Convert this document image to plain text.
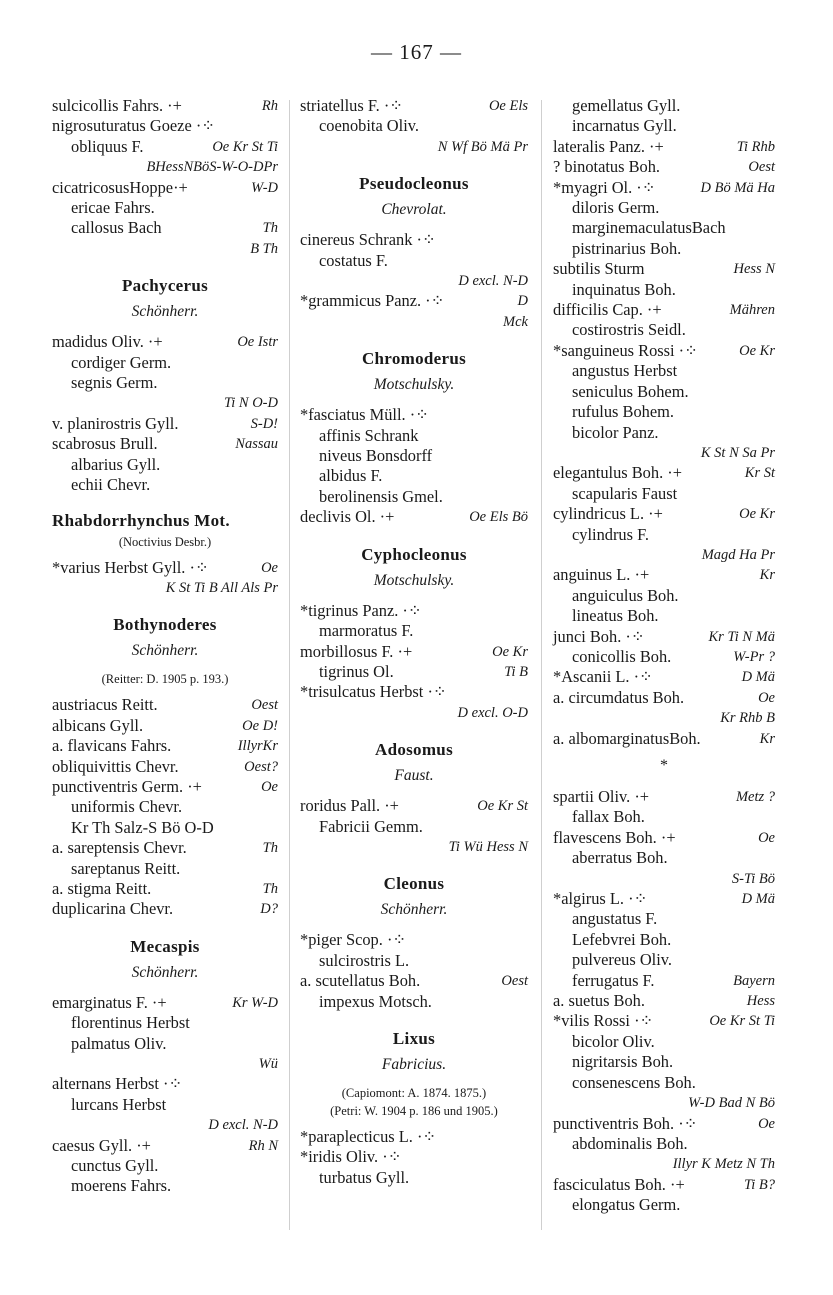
— 167 —
sulcicollis Fahrs. ·+	Rh
nigrosuturatus Goeze ·⁘
obliquus F.	Oe Kr St Ti
BHessNBöS-W-O-DPr
cicatricosusHoppe·+	W-D
ericae Fahrs.
callosus Bach	Th
B Th
Pachycerus
Schönherr.
madidus Oliv. ·+	Oe Istr
cordiger Germ.
segnis Germ.
Ti N O-D
v. planirostris Gyll.	S-D!
scabrosus Brull.	Nassau
albarius Gyll.
echii Chevr.
Rhabdorrhynchus Mot.
(Noctivius Desbr.)
*varius Herbst Gyll. ·⁘	Oe
K St Ti B All Als Pr
Bothynoderes
Schönherr.
(Reitter: D. 1905 p. 193.)
austriacus Reitt.	Oest
albicans Gyll.	Oe D!
a. flavicans Fahrs.	IllyrKr
obliquivittis Chevr.	Oest?
punctiventris Germ. ·+	Oe
uniformis Chevr.
Kr Th Salz-S Bö O-D
a. sareptensis Chevr.	Th
sareptanus Reitt.
a. stigma Reitt.	Th
duplicarina Chevr.	D?
Mecaspis
Schönherr.
emarginatus F. ·+	Kr W-D
florentinus Herbst
palmatus Oliv.
Wü
alternans Herbst ·⁘
lurcans Herbst
D excl. N-D
caesus Gyll. ·+	Rh N
cunctus Gyll.
moerens Fahrs.
striatellus F. ·⁘	Oe Els
coenobita Oliv.
N Wf Bö Mä Pr
Pseudocleonus
Chevrolat.
cinereus Schrank ·⁘
costatus F.
D excl. N-D
*grammicus Panz. ·⁘	D
Mck
Chromoderus
Motschulsky.
*fasciatus Müll. ·⁘
affinis Schrank
niveus Bonsdorff
albidus F.
berolinensis Gmel.
declivis Ol. ·+	Oe Els Bö
Cyphocleonus
Motschulsky.
*tigrinus Panz. ·⁘
marmoratus F.
morbillosus F. ·+	Oe Kr
tigrinus Ol.	Ti B
*trisulcatus Herbst ·⁘
D excl. O-D
Adosomus
Faust.
roridus Pall. ·+	Oe Kr St
Fabricii Gemm.
Ti Wü Hess N
Cleonus
Schönherr.
*piger Scop. ·⁘
sulcirostris L.
a. scutellatus Boh.	Oest
impexus Motsch.
Lixus
Fabricius.
(Capiomont: A. 1874. 1875.)
(Petri: W. 1904 p. 186 und 1905.)
*paraplecticus L. ·⁘
*iridis Oliv. ·⁘
turbatus Gyll.
gemellatus Gyll.
incarnatus Gyll.
lateralis Panz. ·+	Ti Rhb
? binotatus Boh.	Oest
*myagri Ol. ·⁘	D Bö Mä Ha
diloris Germ.
marginemaculatusBach
pistrinarius Boh.
subtilis Sturm	Hess N
inquinatus Boh.
difficilis Cap. ·+	Mähren
costirostris Seidl.
*sanguineus Rossi ·⁘	Oe Kr
angustus Herbst
seniculus Bohem.
rufulus Bohem.
bicolor Panz.
K St N Sa Pr
elegantulus Boh. ·+	Kr St
scapularis Faust
cylindricus L. ·+	Oe Kr
cylindrus F.
Magd Ha Pr
anguinus L. ·+	Kr
anguiculus Boh.
lineatus Boh.
junci Boh. ·⁘	Kr Ti N Mä
conicollis Boh.	W-Pr ?
*Ascanii L. ·⁘	D Mä
a. circumdatus Boh.	Oe
Kr Rhb B
a. albomarginatusBoh.	Kr
*
spartii Oliv. ·+	Metz ?
fallax Boh.
flavescens Boh. ·+	Oe
aberratus Boh.
S-Ti Bö
*algirus L. ·⁘	D Mä
angustatus F.
Lefebvrei Boh.
pulvereus Oliv.
ferrugatus F.	Bayern
a. suetus Boh.	Hess
*vilis Rossi ·⁘	Oe Kr St Ti
bicolor Oliv.
nigritarsis Boh.
consenescens Boh.
W-D Bad N Bö
punctiventris Boh. ·⁘	Oe
abdominalis Boh.
Illyr K Metz N Th
fasciculatus Boh. ·+	Ti B?
elongatus Germ.
